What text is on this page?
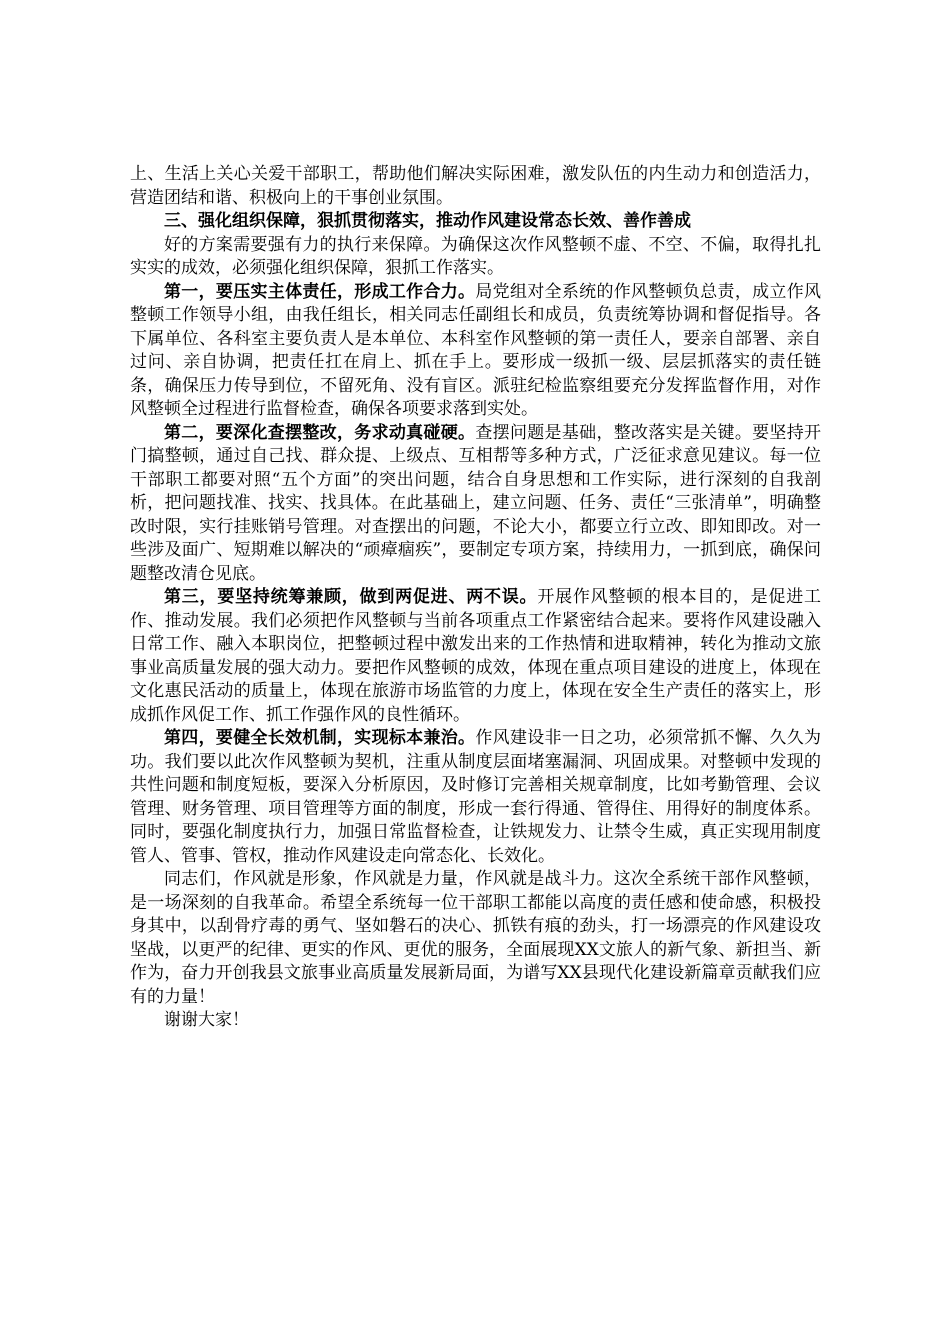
上、生活上关心关爱干部职工，帮助他们解决实际困难，激发队伍的内生动力和创造活力，营造团结和谐、积极向上的干事创业氛围。

三、强化组织保障，狠抓贯彻落实，推动作风建设常态长效、善作善成

好的方案需要强有力的执行来保障。为确保这次作风整顿不虚、不空、不偏，取得扎扎实实的成效，必须强化组织保障，狠抓工作落实。

第一，要压实主体责任，形成工作合力。局党组对全系统的作风整顿负总责，成立作风整顿工作领导小组，由我任组长，相关同志任副组长和成员，负责统筹协调和督促指导。各下属单位、各科室主要负责人是本单位、本科室作风整顿的第一责任人，要亲自部署、亲自过问、亲自协调，把责任扛在肩上、抓在手上。要形成一级抓一级、层层抓落实的责任链条，确保压力传导到位，不留死角、没有盲区。派驻纪检监察组要充分发挥监督作用，对作风整顿全过程进行监督检查，确保各项要求落到实处。

第二，要深化查摆整改，务求动真碰硬。查摆问题是基础，整改落实是关键。要坚持开门搞整顿，通过自己找、群众提、上级点、互相帮等多种方式，广泛征求意见建议。每一位干部职工都要对照“五个方面”的突出问题，结合自身思想和工作实际，进行深刻的自我剖析，把问题找准、找实、找具体。在此基础上，建立问题、任务、责任“三张清单”，明确整改时限，实行挂账销号管理。对查摆出的问题，不论大小，都要立行立改、即知即改。对一些涉及面广、短期难以解决的“顽瘴痼疾”，要制定专项方案，持续用力，一抓到底，确保问题整改清仓见底。

第三，要坚持统筹兼顾，做到两促进、两不误。开展作风整顿的根本目的，是促进工作、推动发展。我们必须把作风整顿与当前各项重点工作紧密结合起来。要将作风建设融入日常工作、融入本职岗位，把整顿过程中激发出来的工作热情和进取精神，转化为推动文旅事业高质量发展的强大动力。要把作风整顿的成效，体现在重点项目建设的进度上，体现在文化惠民活动的质量上，体现在旅游市场监管的力度上，体现在安全生产责任的落实上，形成抓作风促工作、抓工作强作风的良性循环。

第四，要健全长效机制，实现标本兼治。作风建设非一日之功，必须常抓不懈、久久为功。我们要以此次作风整顿为契机，注重从制度层面堵塞漏洞、巩固成果。对整顿中发现的共性问题和制度短板，要深入分析原因，及时修订完善相关规章制度，比如考勤管理、会议管理、财务管理、项目管理等方面的制度，形成一套行得通、管得住、用得好的制度体系。同时，要强化制度执行力，加强日常监督检查，让铁规发力、让禁令生威，真正实现用制度管人、管事、管权，推动作风建设走向常态化、长效化。

同志们，作风就是形象，作风就是力量，作风就是战斗力。这次全系统干部作风整顿，是一场深刻的自我革命。希望全系统每一位干部职工都能以高度的责任感和使命感，积极投身其中，以刮骨疗毒的勇气、坚如磐石的决心、抓铁有痕的劲头，打一场漂亮的作风建设攻坚战，以更严的纪律、更实的作风、更优的服务，全面展现XX文旅人的新气象、新担当、新作为，奋力开创我县文旅事业高质量发展新局面，为谱写XX县现代化建设新篇章贡献我们应有的力量！

谢谢大家！
